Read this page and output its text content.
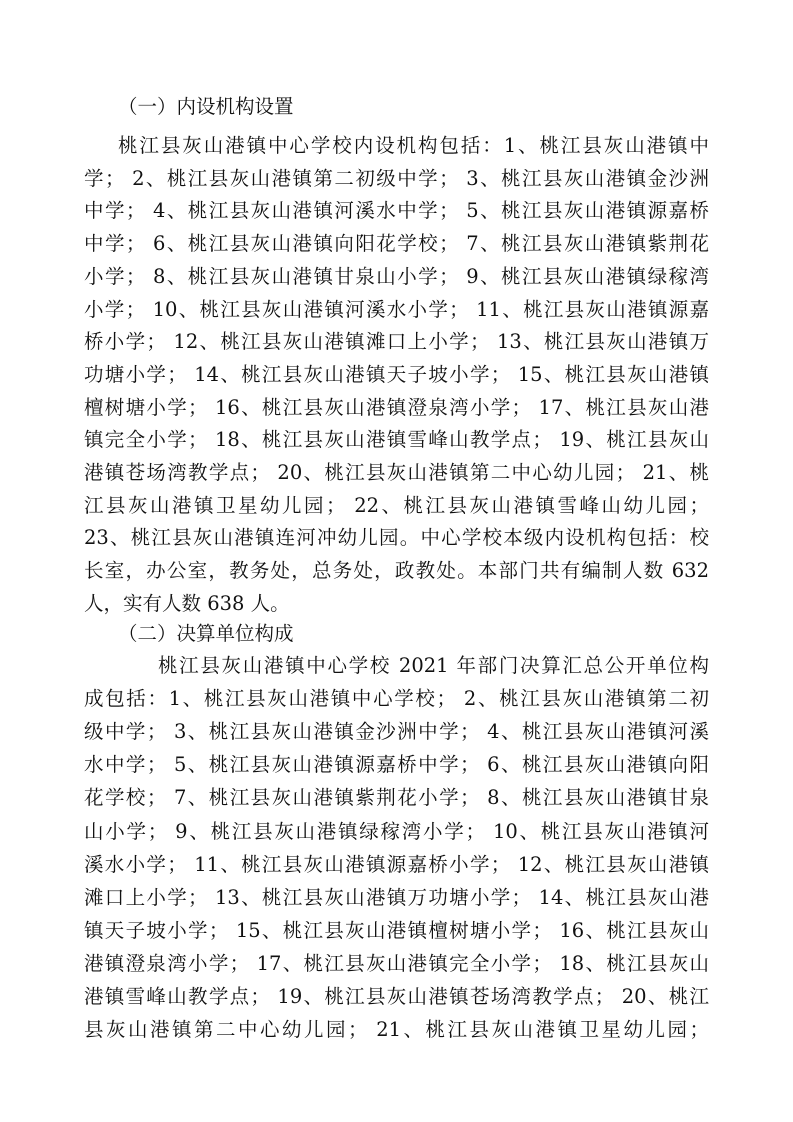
（一）内设机构设置
桃江县灰山港镇中心学校内设机构包括：1、桃江县灰山港镇中
学； 2、桃江县灰山港镇第二初级中学； 3、桃江县灰山港镇金沙洲
中学； 4、桃江县灰山港镇河溪水中学； 5、桃江县灰山港镇源嘉桥
中学； 6、桃江县灰山港镇向阳花学校； 7、桃江县灰山港镇紫荆花
小学； 8、桃江县灰山港镇甘泉山小学； 9、桃江县灰山港镇绿稼湾
小学； 10、桃江县灰山港镇河溪水小学； 11、桃江县灰山港镇源嘉
桥小学； 12、桃江县灰山港镇滩口上小学； 13、桃江县灰山港镇万
功塘小学； 14、桃江县灰山港镇天子坡小学； 15、桃江县灰山港镇
檀树塘小学； 16、桃江县灰山港镇澄泉湾小学； 17、桃江县灰山港
镇完全小学； 18、桃江县灰山港镇雪峰山教学点； 19、桃江县灰山
港镇苍场湾教学点； 20、桃江县灰山港镇第二中心幼儿园； 21、桃
江县灰山港镇卫星幼儿园； 22、桃江县灰山港镇雪峰山幼儿园；
23、桃江县灰山港镇连河冲幼儿园。中心学校本级内设机构包括：校
长室，办公室，教务处，总务处，政教处。本部门共有编制人数 632
人，实有人数 638 人。
（二）决算单位构成
桃江县灰山港镇中心学校 2021 年部门决算汇总公开单位构
成包括：1、桃江县灰山港镇中心学校； 2、桃江县灰山港镇第二初
级中学； 3、桃江县灰山港镇金沙洲中学； 4、桃江县灰山港镇河溪
水中学； 5、桃江县灰山港镇源嘉桥中学； 6、桃江县灰山港镇向阳
花学校； 7、桃江县灰山港镇紫荆花小学； 8、桃江县灰山港镇甘泉
山小学； 9、桃江县灰山港镇绿稼湾小学； 10、桃江县灰山港镇河
溪水小学； 11、桃江县灰山港镇源嘉桥小学； 12、桃江县灰山港镇
滩口上小学； 13、桃江县灰山港镇万功塘小学； 14、桃江县灰山港
镇天子坡小学； 15、桃江县灰山港镇檀树塘小学； 16、桃江县灰山
港镇澄泉湾小学； 17、桃江县灰山港镇完全小学； 18、桃江县灰山
港镇雪峰山教学点； 19、桃江县灰山港镇苍场湾教学点； 20、桃江
县灰山港镇第二中心幼儿园； 21、桃江县灰山港镇卫星幼儿园；
